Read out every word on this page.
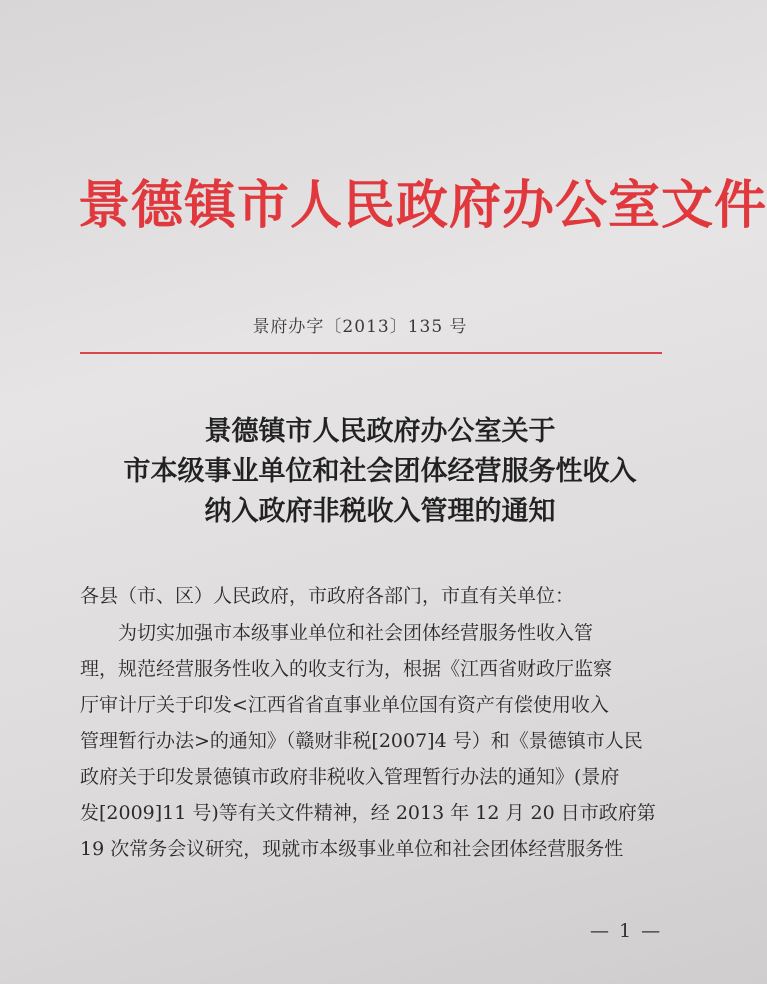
景德镇市人民政府办公室文件
景府办字〔2013〕135 号
景德镇市人民政府办公室关于
市本级事业单位和社会团体经营服务性收入
纳入政府非税收入管理的通知
各县（市、区）人民政府，市政府各部门，市直有关单位：
为切实加强市本级事业单位和社会团体经营服务性收入管
理，规范经营服务性收入的收支行为，根据《江西省财政厅监察
厅审计厅关于印发<江西省省直事业单位国有资产有偿使用收入
管理暂行办法>的通知》（赣财非税[2007]4 号）和《景德镇市人民
政府关于印发景德镇市政府非税收入管理暂行办法的通知》(景府
发[2009]11 号)等有关文件精神，经 2013 年 12 月 20 日市政府第
19 次常务会议研究，现就市本级事业单位和社会团体经营服务性
— 1 —
